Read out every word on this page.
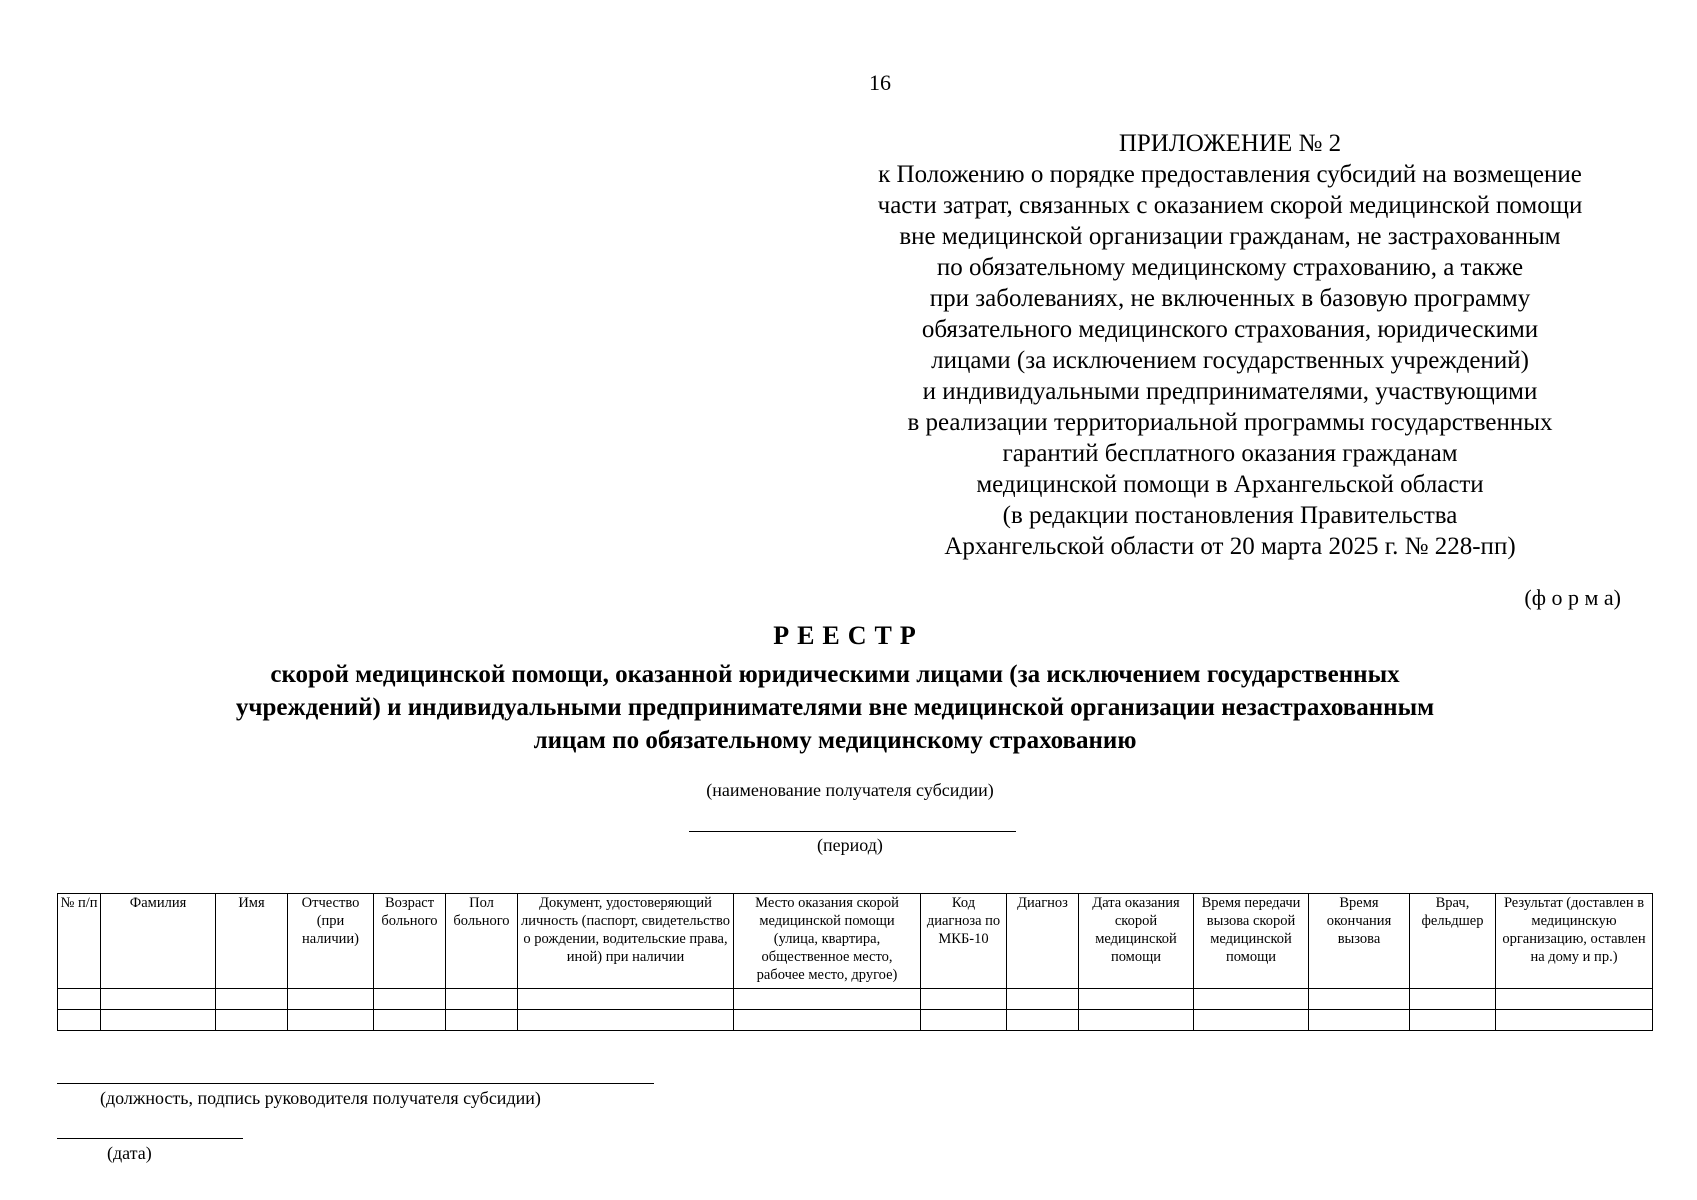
16
ПРИЛОЖЕНИЕ № 2
к Положению о порядке предоставления субсидий на возмещение
части затрат, связанных с оказанием скорой медицинской помощи
вне медицинской организации гражданам, не застрахованным
по обязательному медицинскому страхованию, а также
при заболеваниях, не включенных в базовую программу
обязательного медицинского страхования, юридическими
лицами (за исключением государственных учреждений)
и индивидуальными предпринимателями, участвующими
в реализации территориальной программы государственных
гарантий бесплатного оказания гражданам
медицинской помощи в Архангельской области
(в редакции постановления Правительства
Архангельской области от 20 марта 2025 г. № 228-пп)
(ф о р м а)
РЕЕСТР
скорой медицинской помощи, оказанной юридическими лицами (за исключением государственных
учреждений) и индивидуальными предпринимателями вне медицинской организации незастрахованным
лицам по обязательному медицинскому страхованию
(наименование получателя субсидии)
(период)
№ п/п	Фамилия	Имя	Отчество (при наличии)	Возраст больного	Пол больного	Документ, удостоверяющий личность (паспорт, свидетельство о рождении, водительские права, иной) при наличии	Место оказания скорой медицинской помощи (улица, квартира, общественное место, рабочее место, другое)	Код диагноза по МКБ-10	Диагноз	Дата оказания скорой медицинской помощи	Время передачи вызова скорой медицинской помощи	Время окончания вызова	Врач, фельдшер	Результат (доставлен в медицинскую организацию, оставлен на дому и пр.)

(должность, подпись руководителя получателя субсидии)
(дата)
